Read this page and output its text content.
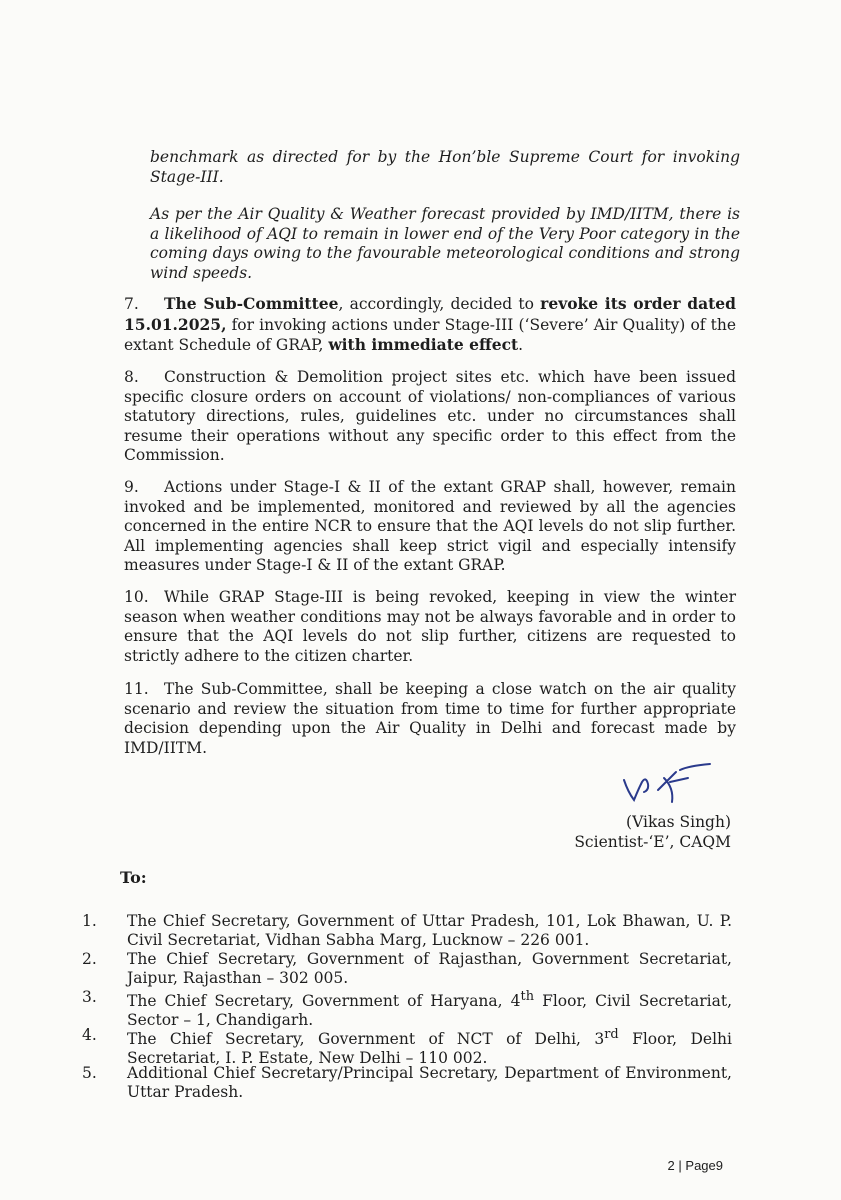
benchmark as directed for by the Hon’ble Supreme Court for invoking Stage-III.
As per the Air Quality & Weather forecast provided by IMD/IITM, there is a likelihood of AQI to remain in lower end of the Very Poor category in the coming days owing to the favourable meteorological conditions and strong wind speeds.
7. The Sub-Committee, accordingly, decided to revoke its order dated 15.01.2025, for invoking actions under Stage-III (‘Severe’ Air Quality) of the extant Schedule of GRAP, with immediate effect.
8. Construction & Demolition project sites etc. which have been issued specific closure orders on account of violations/ non-compliances of various statutory directions, rules, guidelines etc. under no circumstances shall resume their operations without any specific order to this effect from the Commission.
9. Actions under Stage-I & II of the extant GRAP shall, however, remain invoked and be implemented, monitored and reviewed by all the agencies concerned in the entire NCR to ensure that the AQI levels do not slip further. All implementing agencies shall keep strict vigil and especially intensify measures under Stage-I & II of the extant GRAP.
10. While GRAP Stage-III is being revoked, keeping in view the winter season when weather conditions may not be always favorable and in order to ensure that the AQI levels do not slip further, citizens are requested to strictly adhere to the citizen charter.
11. The Sub-Committee, shall be keeping a close watch on the air quality scenario and review the situation from time to time for further appropriate decision depending upon the Air Quality in Delhi and forecast made by IMD/IITM.
(Vikas Singh)
Scientist-‘E’, CAQM
To:
1.	The Chief Secretary, Government of Uttar Pradesh, 101, Lok Bhawan, U. P. Civil Secretariat, Vidhan Sabha Marg, Lucknow – 226 001.
2.	The Chief Secretary, Government of Rajasthan, Government Secretariat, Jaipur, Rajasthan – 302 005.
3.	The Chief Secretary, Government of Haryana, 4th Floor, Civil Secretariat, Sector – 1, Chandigarh.
4.	The Chief Secretary, Government of NCT of Delhi, 3rd Floor, Delhi Secretariat, I. P. Estate, New Delhi – 110 002.
5.	Additional Chief Secretary/Principal Secretary, Department of Environment, Uttar Pradesh.
2 | Page9
